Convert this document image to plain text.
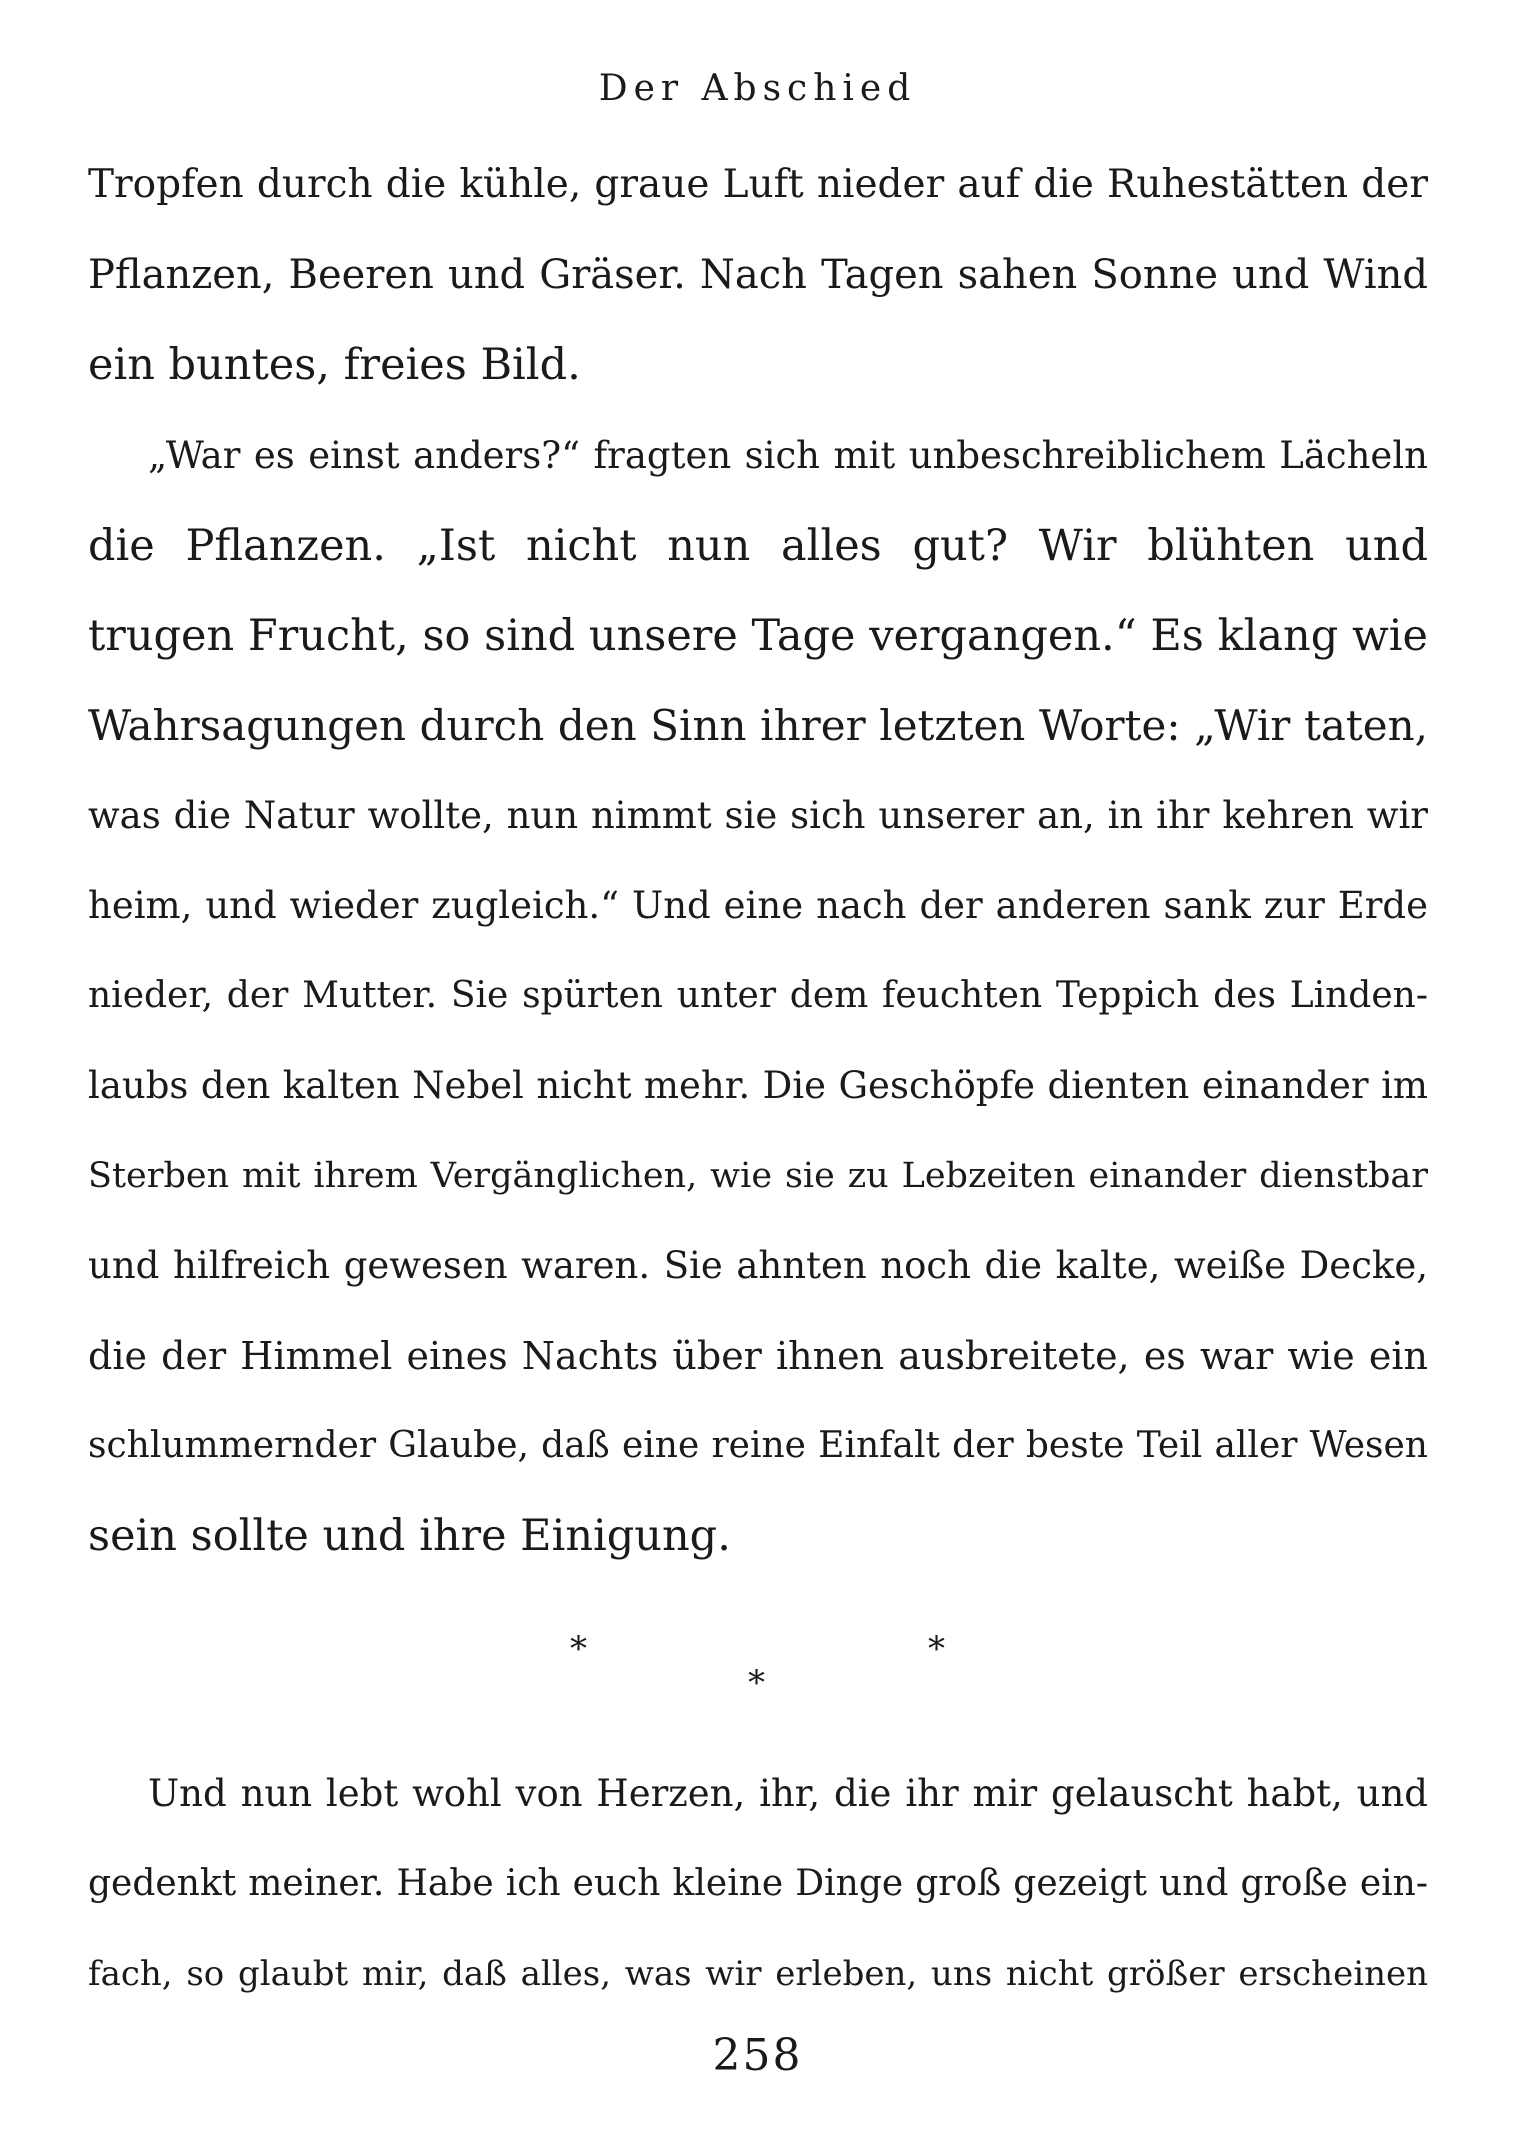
Der Abschied
Tropfen durch die kühle, graue Luft nieder auf die Ruhestätten der
Pflanzen, Beeren und Gräser. Nach Tagen sahen Sonne und Wind
ein buntes, freies Bild.
„War es einst anders?“ fragten sich mit unbeschreiblichem Lächeln
die Pflanzen. „Ist nicht nun alles gut? Wir blühten und
trugen Frucht, so sind unsere Tage vergangen.“ Es klang wie
Wahrsagungen durch den Sinn ihrer letzten Worte: „Wir taten,
was die Natur wollte, nun nimmt sie sich unserer an, in ihr kehren wir
heim, und wieder zugleich.“ Und eine nach der anderen sank zur Erde
nieder, der Mutter. Sie spürten unter dem feuchten Teppich des Linden-
laubs den kalten Nebel nicht mehr. Die Geschöpfe dienten einander im
Sterben mit ihrem Vergänglichen, wie sie zu Lebzeiten einander dienstbar
und hilfreich gewesen waren. Sie ahnten noch die kalte, weiße Decke,
die der Himmel eines Nachts über ihnen ausbreitete, es war wie ein
schlummernder Glaube, daß eine reine Einfalt der beste Teil aller Wesen
sein sollte und ihre Einigung.
*	*
*
Und nun lebt wohl von Herzen, ihr, die ihr mir gelauscht habt, und
gedenkt meiner. Habe ich euch kleine Dinge groß gezeigt und große ein-
fach, so glaubt mir, daß alles, was wir erleben, uns nicht größer erscheinen
258
